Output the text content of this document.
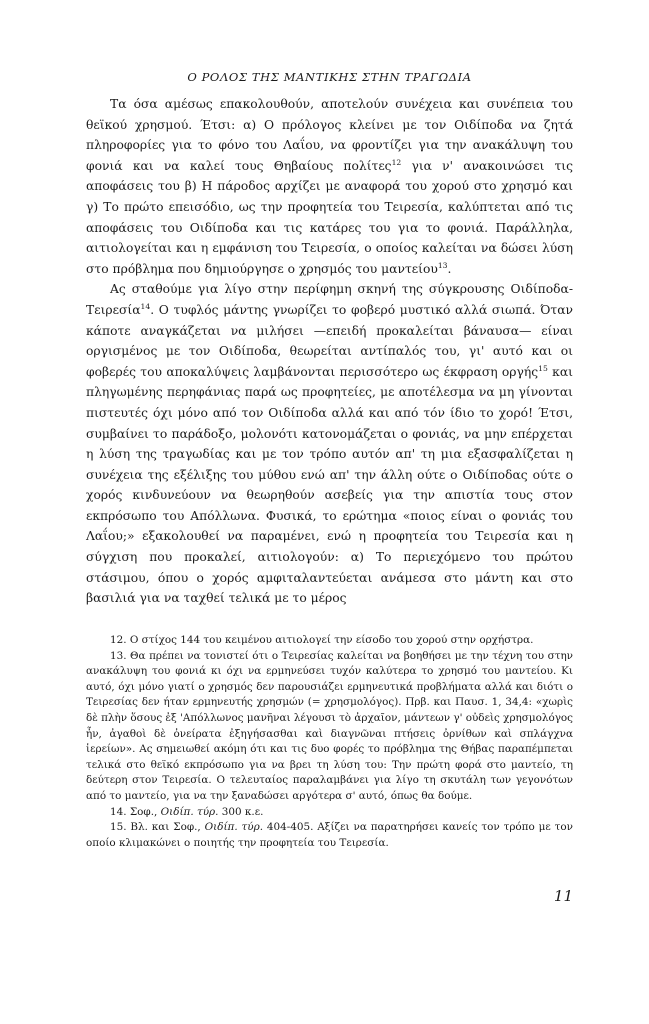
Ο ΡΟΛΟΣ ΤΗΣ ΜΑΝΤΙΚΗΣ ΣΤΗΝ ΤΡΑΓΩΔΙΑ

Τα όσα αμέσως επακολουθούν, αποτελούν συνέχεια και συνέπεια του θεϊκού χρησμού. Έτσι: α) Ο πρόλογος κλείνει με τον Οιδίποδα να ζητά πληροφορίες για το φόνο του Λαΐου, να φροντίζει για την ανακάλυψη του φονιά και να καλεί τους Θηβαίους πολίτες$^{12}$ για ν' ανακοινώσει τις αποφάσεις του β) Η πάροδος αρχίζει με αναφορά του χορού στο χρησμό και γ) Το πρώτο επεισόδιο, ως την προφητεία του Τειρεσία, καλύπτεται από τις αποφάσεις του Οιδίποδα και τις κατάρες του για το φονιά. Παράλληλα, αιτιολογείται και η εμφάνιση του Τειρεσία, ο οποίος καλείται να δώσει λύση στο πρόβλημα που δημιούργησε ο χρησμός του μαντείου$^{13}$.

Ας σταθούμε για λίγο στην περίφημη σκηνή της σύγκρουσης Οιδίποδα-Τειρεσία$^{14}$. Ο τυφλός μάντης γνωρίζει το φοβερό μυστικό αλλά σιωπά. Όταν κάποτε αναγκάζεται να μιλήσει —επειδή προκαλείται βάναυσα— είναι οργισμένος με τον Οιδίποδα, θεωρείται αντίπαλός του, γι' αυτό και οι φοβερές του αποκαλύψεις λαμβάνονται περισσότερο ως έκφραση οργής$^{15}$ και πληγωμένης περηφάνιας παρά ως προφητείες, με αποτέλεσμα να μη γίνονται πιστευτές όχι μόνο από τον Οιδίποδα αλλά και από τόν ίδιο το χορό! Έτσι, συμβαίνει το παράδοξο, μολονότι κατονομάζεται ο φονιάς, να μην επέρχεται η λύση της τραγωδίας και με τον τρόπο αυτόν απ' τη μια εξασφαλίζεται η συνέχεια της εξέλιξης του μύθου ενώ απ' την άλλη ούτε ο Οιδίποδας ούτε ο χορός κινδυνεύουν να θεωρηθούν ασεβείς για την απιστία τους στον εκπρόσωπο του Απόλλωνα. Φυσικά, το ερώτημα «ποιος είναι ο φονιάς του Λαΐου;» εξακολουθεί να παραμένει, ενώ η προφητεία του Τειρεσία και η σύγχιση που προκαλεί, αιτιολογούν: α) Το περιεχόμενο του πρώτου στάσιμου, όπου ο χορός αμφιταλαντεύεται ανάμεσα στο μάντη και στο βασιλιά για να ταχθεί τελικά με το μέρος

12. Ο στίχος 144 του κειμένου αιτιολογεί την είσοδο του χορού στην ορχήστρα.

13. Θα πρέπει να τονιστεί ότι ο Τειρεσίας καλείται να βοηθήσει με την τέχνη του στην ανακάλυψη του φονιά κι όχι να ερμηνεύσει τυχόν καλύτερα το χρησμό του μαντείου. Κι αυτό, όχι μόνο γιατί ο χρησμός δεν παρουσιάζει ερμηνευτικά προβλήματα αλλά και διότι ο Τειρεσίας δεν ήταν ερμηνευτής χρησμών (= χρησμολόγος). Πρβ. και Παυσ. 1, 34,4: «χωρὶς δὲ πλὴν ὅσους ἐξ 'Απόλλωνος μανῆναι λέγουσι τὸ ἀρχαῖον, μάντεων γ' οὐδεὶς χρησμολόγος ἦν, ἀγαθοὶ δὲ ὀνείρατα ἐξηγήσασθαι καὶ διαγνῶναι πτήσεις ὀρνίθων καὶ σπλάγχνα ἱερείων». Ας σημειωθεί ακόμη ότι και τις δυο φορές το πρόβλημα της Θήβας παραπέμπεται τελικά στο θεϊκό εκπρόσωπο για να βρει τη λύση του: Την πρώτη φορά στο μαντείο, τη δεύτερη στον Τειρεσία. Ο τελευταίος παραλαμβάνει για λίγο τη σκυτάλη των γεγονότων από το μαντείο, για να την ξαναδώσει αργότερα σ' αυτό, όπως θα δούμε.

14. Σοφ., Οιδίπ. τύρ. 300 κ.ε.

15. Βλ. και Σοφ., Οιδίπ. τύρ. 404-405. Αξίζει να παρατηρήσει κανείς τον τρόπο με τον οποίο κλιμακώνει ο ποιητής την προφητεία του Τειρεσία.

11
